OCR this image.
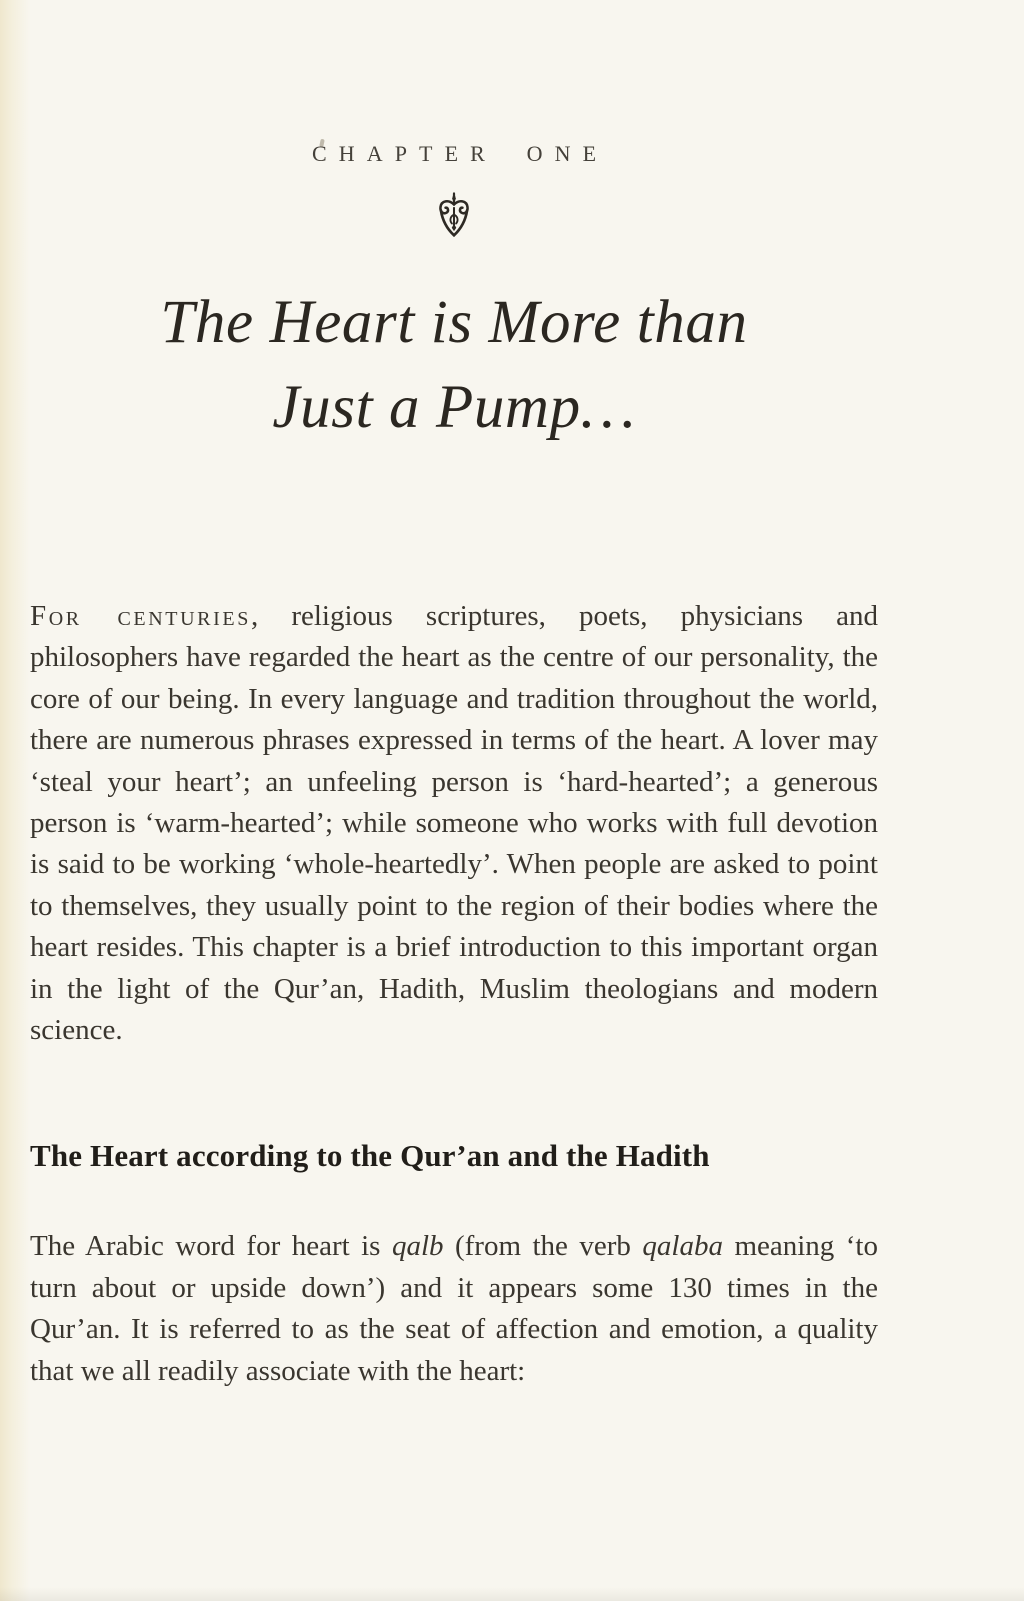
CHAPTER ONE
The Heart is More than
Just a Pump…

For centuries, religious scriptures, poets, physicians and philosophers have regarded the heart as the centre of our personality, the core of our being. In every language and tradition throughout the world, there are numerous phrases expressed in terms of the heart. A lover may ‘steal your heart’; an unfeeling person is ‘hard-hearted’; a generous person is ‘warm-hearted’; while someone who works with full devotion is said to be working ‘whole-heartedly’. When people are asked to point to themselves, they usually point to the region of their bodies where the heart resides. This chapter is a brief introduction to this important organ in the light of the Qur’an, Hadith, Muslim theologians and modern science.

The Heart according to the Qur’an and the Hadith

The Arabic word for heart is qalb (from the verb qalaba meaning ‘to turn about or upside down’) and it appears some 130 times in the Qur’an. It is referred to as the seat of affection and emotion, a quality that we all readily associate with the heart:
